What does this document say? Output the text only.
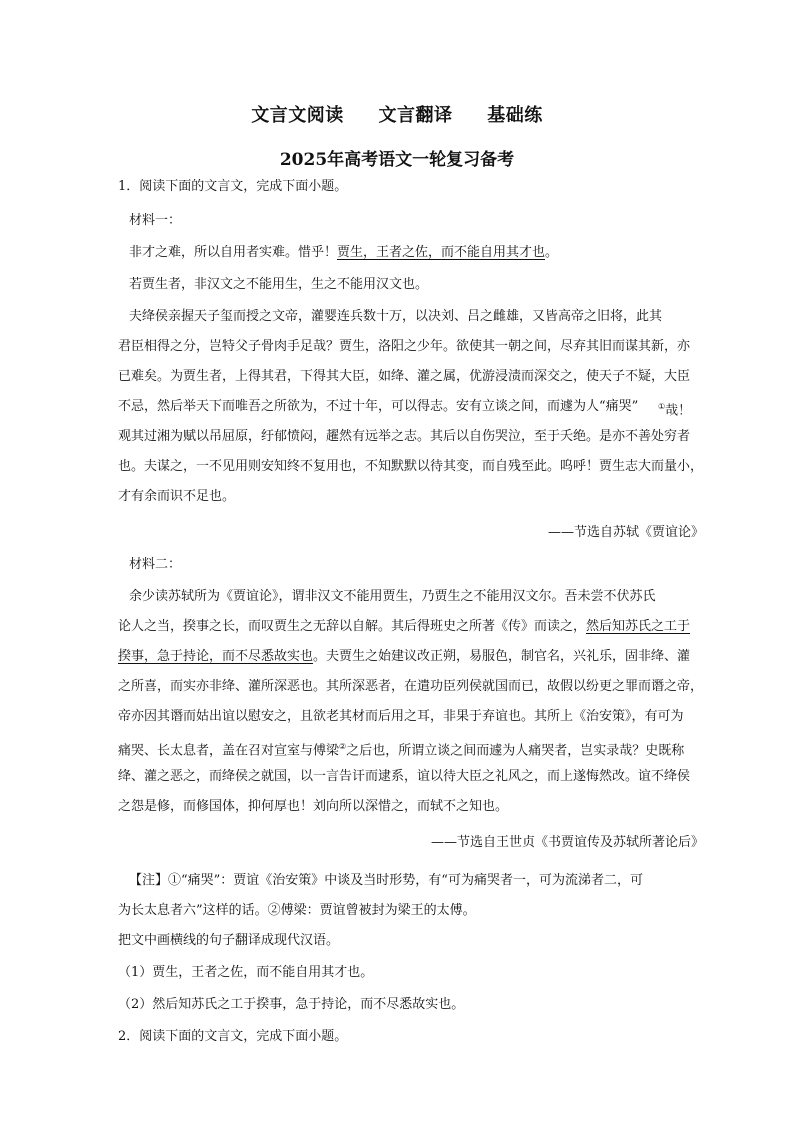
文言文阅读 文言翻译 基础练
2025年高考语文一轮复习备考
1．阅读下面的文言文，完成下面小题。
材料一：
非才之难，所以自用者实难。惜乎！贾生，王者之佐，而不能自用其才也。
若贾生者，非汉文之不能用生，生之不能用汉文也。
夫绛侯亲握天子玺而授之文帝，灌婴连兵数十万，以决刘、吕之雌雄，又皆高帝之旧将，此其
君臣相得之分，岂特父子骨肉手足哉？贾生，洛阳之少年。欲使其一朝之间，尽弃其旧而谋其新，亦
已难矣。为贾生者，上得其君，下得其大臣，如绛、灌之属，优游浸渍而深交之，使天子不疑，大臣
不忌，然后举天下而唯吾之所欲为，不过十年，可以得志。安有立谈之间，而遽为人“痛哭” ①哉！
观其过湘为赋以吊屈原，纡郁愤闷，趯然有远举之志。其后以自伤哭泣，至于夭绝。是亦不善处穷者
也。夫谋之，一不见用则安知终不复用也，不知默默以待其变，而自残至此。呜呼！贾生志大而量小，
才有余而识不足也。
——节选自苏轼《贾谊论》
材料二：
余少读苏轼所为《贾谊论》，谓非汉文不能用贾生，乃贾生之不能用汉文尔。吾未尝不伏苏氏
论人之当，揆事之长，而叹贾生之无辞以自解。其后得班史之所著《传》而读之，然后知苏氏之工于
揆事，急于持论，而不尽悉故实也。夫贾生之始建议改正朔，易服色，制官名，兴礼乐，固非绛、灌
之所喜，而实亦非绛、灌所深恶也。其所深恶者，在遣功臣列侯就国而已，故假以纷更之罪而谮之帝，
帝亦因其谮而姑出谊以慰安之，且欲老其材而后用之耳，非果于弃谊也。其所上《治安策》，有可为
痛哭、长太息者，盖在召对宣室与傅梁②之后也，所谓立谈之间而遽为人痛哭者，岂实录哉？史既称
绛、灌之恶之，而绛侯之就国，以一言告讦而逮系，谊以待大臣之礼风之，而上遂悔然改。谊不绛侯
之怨是修，而修国体，抑何厚也！刘向所以深惜之，而轼不之知也。
——节选自王世贞《书贾谊传及苏轼所著论后》
【注】①“痛哭”：贾谊《治安策》中谈及当时形势，有“可为痛哭者一，可为流涕者二，可
为长太息者六”这样的话。②傅梁：贾谊曾被封为梁王的太傅。
把文中画横线的句子翻译成现代汉语。
（1）贾生，王者之佐，而不能自用其才也。
（2）然后知苏氏之工于揆事，急于持论，而不尽悉故实也。
2．阅读下面的文言文，完成下面小题。
